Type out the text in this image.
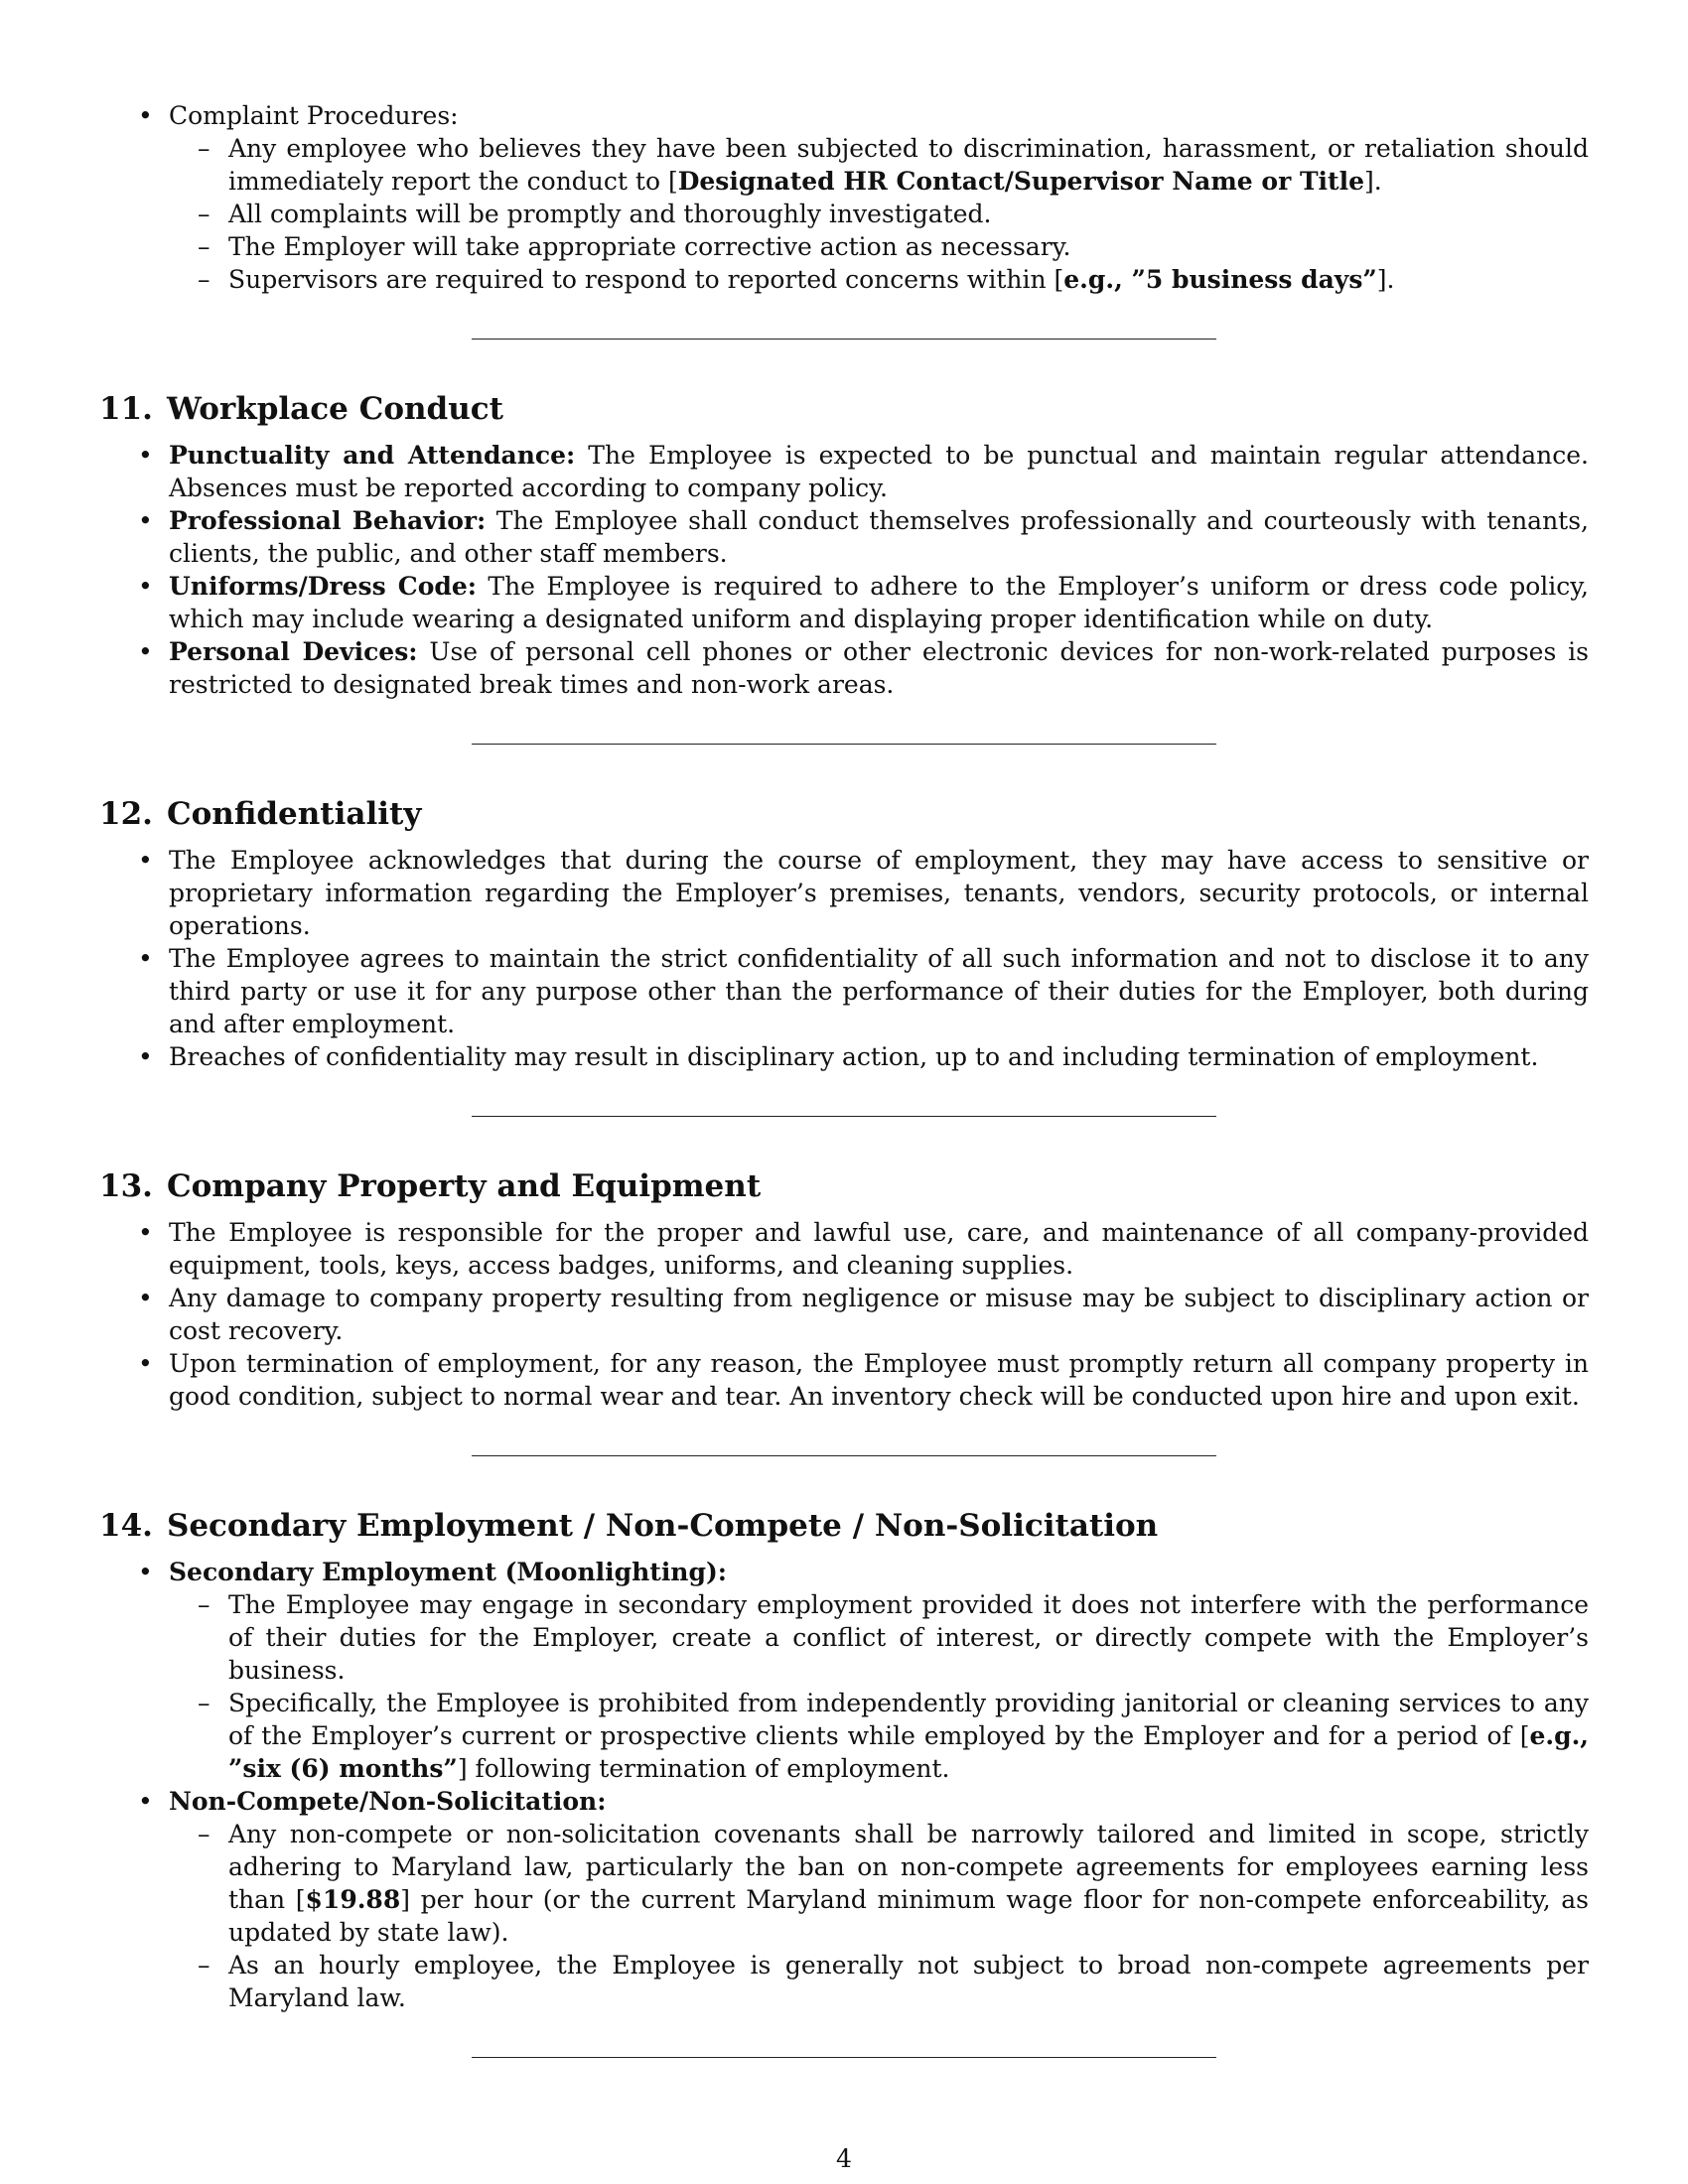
• Complaint Procedures:
– Any employee who believes they have been subjected to discrimination, harassment, or retaliation should immediately report the conduct to [Designated HR Contact/Supervisor Name or Title].
– All complaints will be promptly and thoroughly investigated.
– The Employer will take appropriate corrective action as necessary.
– Supervisors are required to respond to reported concerns within [e.g., ”5 business days”].
11. Workplace Conduct
• Punctuality and Attendance: The Employee is expected to be punctual and maintain regular attendance. Absences must be reported according to company policy.
• Professional Behavior: The Employee shall conduct themselves professionally and courteously with tenants, clients, the public, and other staff members.
• Uniforms/Dress Code: The Employee is required to adhere to the Employer’s uniform or dress code policy, which may include wearing a designated uniform and displaying proper identification while on duty.
• Personal Devices: Use of personal cell phones or other electronic devices for non-work-related purposes is restricted to designated break times and non-work areas.
12. Confidentiality
• The Employee acknowledges that during the course of employment, they may have access to sensitive or proprietary information regarding the Employer’s premises, tenants, vendors, security protocols, or internal operations.
• The Employee agrees to maintain the strict confidentiality of all such information and not to disclose it to any third party or use it for any purpose other than the performance of their duties for the Employer, both during and after employment.
• Breaches of confidentiality may result in disciplinary action, up to and including termination of employment.
13. Company Property and Equipment
• The Employee is responsible for the proper and lawful use, care, and maintenance of all company-provided equipment, tools, keys, access badges, uniforms, and cleaning supplies.
• Any damage to company property resulting from negligence or misuse may be subject to disciplinary action or cost recovery.
• Upon termination of employment, for any reason, the Employee must promptly return all company property in good condition, subject to normal wear and tear. An inventory check will be conducted upon hire and upon exit.
14. Secondary Employment / Non-Compete / Non-Solicitation
• Secondary Employment (Moonlighting):
– The Employee may engage in secondary employment provided it does not interfere with the performance of their duties for the Employer, create a conflict of interest, or directly compete with the Employer’s business.
– Specifically, the Employee is prohibited from independently providing janitorial or cleaning services to any of the Employer’s current or prospective clients while employed by the Employer and for a period of [e.g., ”six (6) months”] following termination of employment.
• Non-Compete/Non-Solicitation:
– Any non-compete or non-solicitation covenants shall be narrowly tailored and limited in scope, strictly adhering to Maryland law, particularly the ban on non-compete agreements for employees earning less than [$19.88] per hour (or the current Maryland minimum wage floor for non-compete enforceability, as updated by state law).
– As an hourly employee, the Employee is generally not subject to broad non-compete agreements per Maryland law.
4
